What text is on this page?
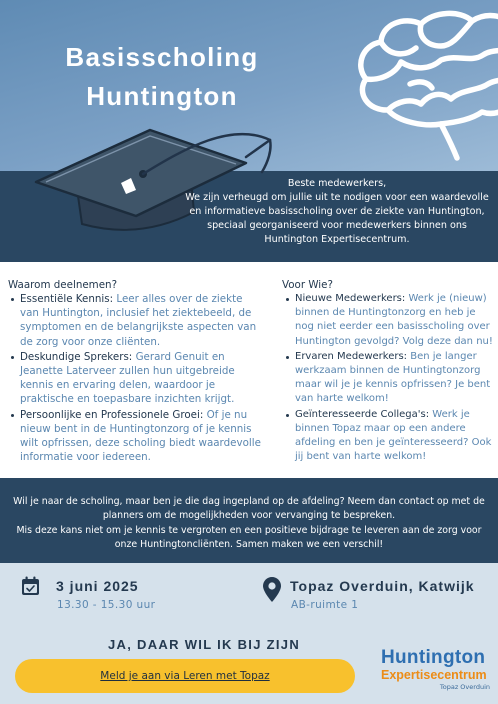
Basisscholing
Huntington
Beste medewerkers,
We zijn verheugd om jullie uit te nodigen voor een waardevolle
en informatieve basisscholing over de ziekte van Huntington,
speciaal georganiseerd voor medewerkers binnen ons
Huntington Expertisecentrum.
Waarom deelnemen?
Essentiële Kennis: Leer alles over de ziekte van Huntington, inclusief het ziektebeeld, de symptomen en de belangrijkste aspecten van de zorg voor onze cliënten.
Deskundige Sprekers: Gerard Genuit en Jeanette Laterveer zullen hun uitgebreide kennis en ervaring delen, waardoor je praktische en toepasbare inzichten krijgt.
Persoonlijke en Professionele Groei: Of je nu nieuw bent in de Huntingtonzorg of je kennis wilt opfrissen, deze scholing biedt waardevolle informatie voor iedereen.
Voor Wie?
Nieuwe Medewerkers: Werk je (nieuw) binnen de Huntingtonzorg en heb je nog niet eerder een basisscholing over Huntington gevolgd? Volg deze dan nu!
Ervaren Medewerkers: Ben je langer werkzaam binnen de Huntingtonzorg maar wil je je kennis opfrissen? Je bent van harte welkom!
Geïnteresseerde Collega's: Werk je binnen Topaz maar op een andere afdeling en ben je geïnteresseerd? Ook jij bent van harte welkom!
Wil je naar de scholing, maar ben je die dag ingepland op de afdeling? Neem dan contact op met de
planners om de mogelijkheden voor vervanging te bespreken.
Mis deze kans niet om je kennis te vergroten en een positieve bijdrage te leveren aan de zorg voor
onze Huntingtoncliënten. Samen maken we een verschil!
3 juni 2025
13.30 - 15.30 uur
Topaz Overduin, Katwijk
AB-ruimte 1
JA, DAAR WIL IK BIJ ZIJN
Meld je aan via Leren met Topaz
Huntington
Expertisecentrum
Topaz Overduin
